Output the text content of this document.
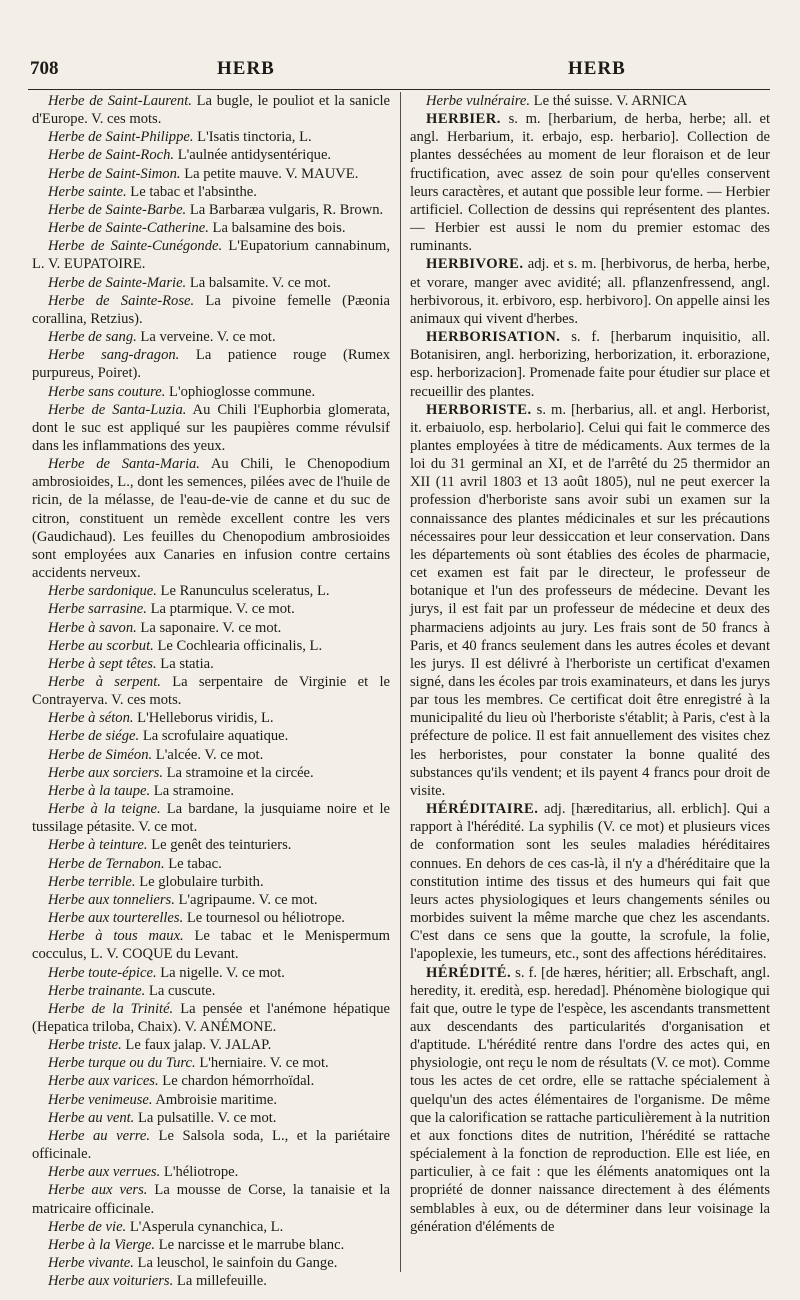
708	HERB	HERB

Herbe de Saint-Laurent. La bugle, le pouliot et la sanicle d'Europe. V. ces mots.

Herbe de Saint-Philippe. L'Isatis tinctoria, L.

Herbe de Saint-Roch. L'aulnée antidysentérique.

Herbe de Saint-Simon. La petite mauve. V. MAUVE.

Herbe sainte. Le tabac et l'absinthe.

Herbe de Sainte-Barbe. La Barbaræa vulgaris, R. Brown.

Herbe de Sainte-Catherine. La balsamine des bois.

Herbe de Sainte-Cunégonde. L'Eupatorium cannabinum, L. V. EUPATOIRE.

Herbe de Sainte-Marie. La balsamite. V. ce mot.

Herbe de Sainte-Rose. La pivoine femelle (Pæonia corallina, Retzius).

Herbe de sang. La verveine. V. ce mot.

Herbe sang-dragon. La patience rouge (Rumex purpureus, Poiret).

Herbe sans couture. L'ophioglosse commune.

Herbe de Santa-Luzia. Au Chili l'Euphorbia glomerata, dont le suc est appliqué sur les paupières comme révulsif dans les inflammations des yeux.

Herbe de Santa-Maria. Au Chili, le Chenopodium ambrosioides, L., dont les semences, pilées avec de l'huile de ricin, de la mélasse, de l'eau-de-vie de canne et du suc de citron, constituent un remède excellent contre les vers (Gaudichaud). Les feuilles du Chenopodium ambrosioides sont employées aux Canaries en infusion contre certains accidents nerveux.

Herbe sardonique. Le Ranunculus sceleratus, L.

Herbe sarrasine. La ptarmique. V. ce mot.

Herbe à savon. La saponaire. V. ce mot.

Herbe au scorbut. Le Cochlearia officinalis, L.

Herbe à sept têtes. La statia.

Herbe à serpent. La serpentaire de Virginie et le Contrayerva. V. ces mots.

Herbe à séton. L'Helleborus viridis, L.

Herbe de siége. La scrofulaire aquatique.

Herbe de Siméon. L'alcée. V. ce mot.

Herbe aux sorciers. La stramoine et la circée.

Herbe à la taupe. La stramoine.

Herbe à la teigne. La bardane, la jusquiame noire et le tussilage pétasite. V. ce mot.

Herbe à teinture. Le genêt des teinturiers.

Herbe de Ternabon. Le tabac.

Herbe terrible. Le globulaire turbith.

Herbe aux tonneliers. L'agripaume. V. ce mot.

Herbe aux tourterelles. Le tournesol ou héliotrope.

Herbe à tous maux. Le tabac et le Menispermum cocculus, L. V. COQUE du Levant.

Herbe toute-épice. La nigelle. V. ce mot.

Herbe trainante. La cuscute.

Herbe de la Trinité. La pensée et l'anémone hépatique (Hepatica triloba, Chaix). V. ANÉMONE.

Herbe triste. Le faux jalap. V. JALAP.

Herbe turque ou du Turc. L'herniaire. V. ce mot.

Herbe aux varices. Le chardon hémorrhoïdal.

Herbe venimeuse. Ambroisie maritime.

Herbe au vent. La pulsatille. V. ce mot.

Herbe au verre. Le Salsola soda, L., et la pariétaire officinale.

Herbe aux verrues. L'héliotrope.

Herbe aux vers. La mousse de Corse, la tanaisie et la matricaire officinale.

Herbe de vie. L'Asperula cynanchica, L.

Herbe à la Vierge. Le narcisse et le marrube blanc.

Herbe vivante. La leuschol, le sainfoin du Gange.

Herbe aux voituriers. La millefeuille.

Herbe vulnéraire. Le thé suisse. V. ARNICA

HERBIER. s. m. [herbarium, de herba, herbe; all. et angl. Herbarium, it. erbajo, esp. herbario]. Collection de plantes desséchées au moment de leur floraison et de leur fructification, avec assez de soin pour qu'elles conservent leurs caractères, et autant que possible leur forme. — Herbier artificiel. Collection de dessins qui représentent des plantes. — Herbier est aussi le nom du premier estomac des ruminants.

HERBIVORE. adj. et s. m. [herbivorus, de herba, herbe, et vorare, manger avec avidité; all. pflanzenfressend, angl. herbivorous, it. erbivoro, esp. herbivoro]. On appelle ainsi les animaux qui vivent d'herbes.

HERBORISATION. s. f. [herbarum inquisitio, all. Botanisiren, angl. herborizing, herborization, it. erborazione, esp. herborizacion]. Promenade faite pour étudier sur place et recueillir des plantes.

HERBORISTE. s. m. [herbarius, all. et angl. Herborist, it. erbaiuolo, esp. herbolario]. Celui qui fait le commerce des plantes employées à titre de médicaments. Aux termes de la loi du 31 germinal an XI, et de l'arrêté du 25 thermidor an XII (11 avril 1803 et 13 août 1805), nul ne peut exercer la profession d'herboriste sans avoir subi un examen sur la connaissance des plantes médicinales et sur les précautions nécessaires pour leur dessiccation et leur conservation. Dans les départements où sont établies des écoles de pharmacie, cet examen est fait par le directeur, le professeur de botanique et l'un des professeurs de médecine. Devant les jurys, il est fait par un professeur de médecine et deux des pharmaciens adjoints au jury. Les frais sont de 50 francs à Paris, et 40 francs seulement dans les autres écoles et devant les jurys. Il est délivré à l'herboriste un certificat d'examen signé, dans les écoles par trois examinateurs, et dans les jurys par tous les membres. Ce certificat doit être enregistré à la municipalité du lieu où l'herboriste s'établit; à Paris, c'est à la préfecture de police. Il est fait annuellement des visites chez les herboristes, pour constater la bonne qualité des substances qu'ils vendent; et ils payent 4 francs pour droit de visite.

HÉRÉDITAIRE. adj. [hæreditarius, all. erblich]. Qui a rapport à l'hérédité. La syphilis (V. ce mot) et plusieurs vices de conformation sont les seules maladies héréditaires connues. En dehors de ces cas-là, il n'y a d'héréditaire que la constitution intime des tissus et des humeurs qui fait que leurs actes physiologiques et leurs changements séniles ou morbides suivent la même marche que chez les ascendants. C'est dans ce sens que la goutte, la scrofule, la folie, l'apoplexie, les tumeurs, etc., sont des affections héréditaires.

HÉRÉDITÉ. s. f. [de hæres, héritier; all. Erbschaft, angl. heredity, it. eredità, esp. heredad]. Phénomène biologique qui fait que, outre le type de l'espèce, les ascendants transmettent aux descendants des particularités d'organisation et d'aptitude. L'hérédité rentre dans l'ordre des actes qui, en physiologie, ont reçu le nom de résultats (V. ce mot). Comme tous les actes de cet ordre, elle se rattache spécialement à quelqu'un des actes élémentaires de l'organisme. De même que la calorification se rattache particulièrement à la nutrition et aux fonctions dites de nutrition, l'hérédité se rattache spécialement à la fonction de reproduction. Elle est liée, en particulier, à ce fait : que les éléments anatomiques ont la propriété de donner naissance directement à des éléments semblables à eux, ou de déterminer dans leur voisinage la génération d'éléments de
